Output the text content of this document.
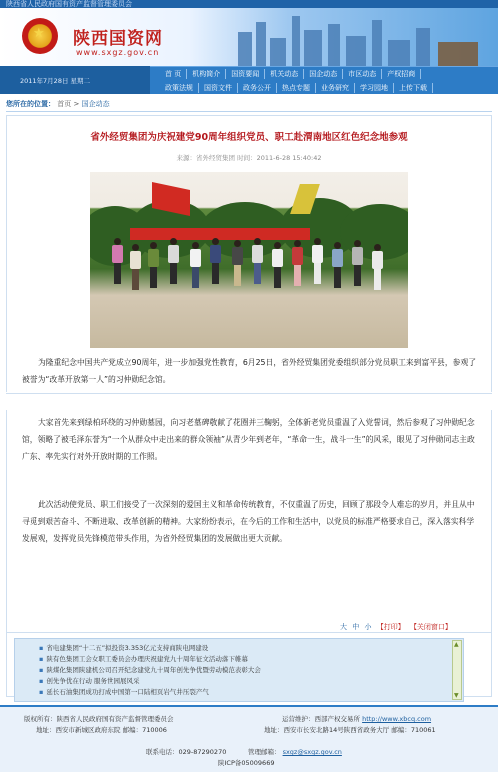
陕西省人民政府国有资产监督管理委员会
★
陕西国资网
www.sxgz.gov.cn
2011年7月28日 星期二
首 页	机构简介	国资要闻	机关动态	国企动态	市区动态	产权招商
政策法规	国资文件	政务公开	热点专题	业务研究	学习园地	上传下载
您所在的位置： 首页 > 国企动态
省外经贸集团为庆祝建党90周年组织党员、职工赴渭南地区红色纪念地参观
来源：省外经贸集团 时间：2011-6-28 15:40:42
为隆重纪念中国共产党成立90周年，进一步加强党性教育，6月25日，省外经贸集团党委组织部分党员职工来到富平县，参观了被誉为“改革开放第一人”的习仲勋纪念馆。
大家首先来到绿柏环绕的习仲勋墓园，向习老墓碑敬献了花圈并三鞠躬，全体新老党员重温了入党誓词，然后参观了习仲勋纪念馆，领略了被毛泽东誉为“一个从群众中走出来的群众领袖”从青少年到老年，“革命一生，战斗一生”的风采，眼见了习仲勋同志主政广东、率先实行对外开放时期的工作照。
此次活动使党员、职工们接受了一次深刻的爱国主义和革命传统教育，不仅重温了历史，回顾了那段令人难忘的岁月，并且从中寻觅到艰苦奋斗、不断进取、改革创新的精神。大家纷纷表示，在今后的工作和生活中，以党员的标准严格要求自己，深入落实科学发展观，发挥党员先锋模范带头作用，为省外经贸集团的发展做出更大贡献。
大 中 小 【打印】 【关闭窗口】
▪ 省电建集团“十二五”拟投资3.353亿元支持商陕电网建设
▪ 陕有色集团工会女职工委员会办理庆祝建党九十周年征文活动落下帷幕
▪ 陕煤化集团陕建机公司召开纪念建党九十周年创先争优暨劳动模范表彰大会
▪ 创先争优在行动 服务世园展风采
▪ 延长石油集团成功打成中国第一口陆相页岩气井压裂产气
▲ ▼
版权所有：陕西省人民政府国有资产监督管理委员会
地址：西安市新城区政府东院 邮编：710006
运营维护：西部产权交易所 http://www.xbcq.com
地址：西安市长安北路14号陕西省政务大厅 邮编：710061
联系电话：029-87290270	管理邮箱： sxgz@sxgz.gov.cn
陕ICP备05009669
